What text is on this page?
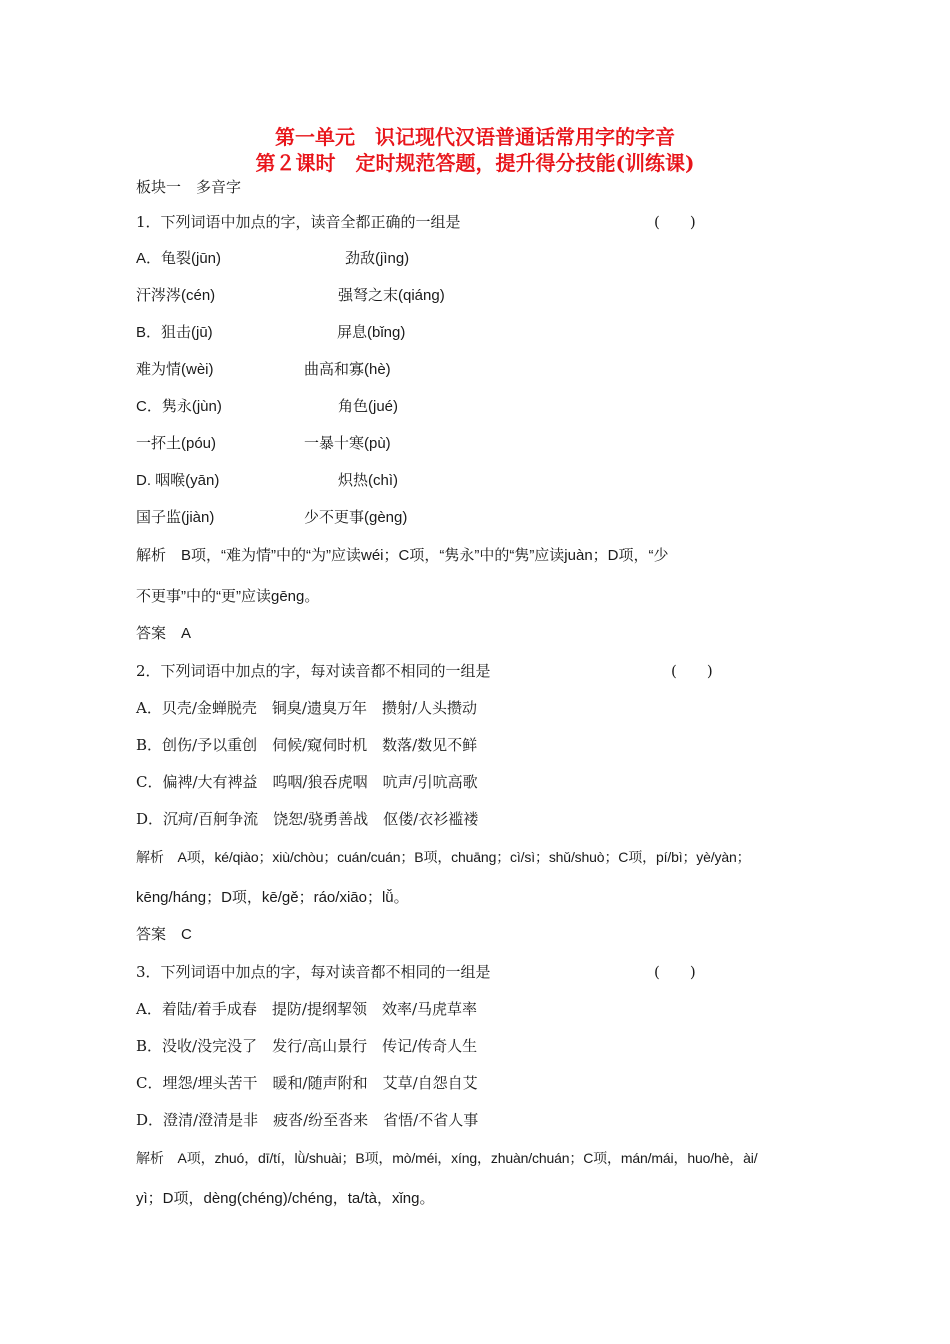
第一单元　识记现代汉语普通话常用字的字音
第２课时　定时规范答题，提升得分技能(训练课)
板块一　多音字
1．下列词语中加点的字，读音全都正确的一组是	(　　)
A．龟裂(jūn)	劲敌(jìng)
汗涔涔(cén)	强弩之末(qiáng)
B．狙击(jū)	屏息(bǐng)
难为情(wèi)	曲高和寡(hè)
C．隽永(jùn)	角色(jué)
一抔土(póu)	一暴十寒(pù)
D. 咽喉(yān)	炽热(chì)
国子监(jiàn)	少不更事(gèng)
解析　B项，“难为情”中的“为”应读wéi；C项，“隽永”中的“隽”应读juàn；D项，“少
不更事”中的“更”应读gēng。
答案　A
2．下列词语中加点的字，每对读音都不相同的一组是	(　　)
A．贝壳/金蝉脱壳　铜臭/遗臭万年　攒射/人头攒动
B．创伤/予以重创　伺候/窥伺时机　数落/数见不鲜
C．偏裨/大有裨益　呜咽/狼吞虎咽　吭声/引吭高歌
D．沉疴/百舸争流　饶恕/骁勇善战　伛偻/衣衫褴褛
解析　A项，ké/qiào；xiù/chòu；cuán/cuán；B项，chuāng；cì/sì；shǔ/shuò；C项，pí/bì；yè/yàn；
kēng/háng；D项，kē/gě；ráo/xiāo；lǚ。
答案　C
3．下列词语中加点的字，每对读音都不相同的一组是	(　　)
A．着陆/着手成春　提防/提纲挈领　效率/马虎草率
B．没收/没完没了　发行/高山景行　传记/传奇人生
C．埋怨/埋头苦干　暖和/随声附和　艾草/自怨自艾
D．澄清/澄清是非　疲沓/纷至沓来　省悟/不省人事
解析　A项，zhuó，dī/tí，lǜ/shuài；B项，mò/méi，xíng，zhuàn/chuán；C项，mán/mái，huo/hè，ài/
yì；D项，dèng(chéng)/chéng，ta/tà，xǐng。
